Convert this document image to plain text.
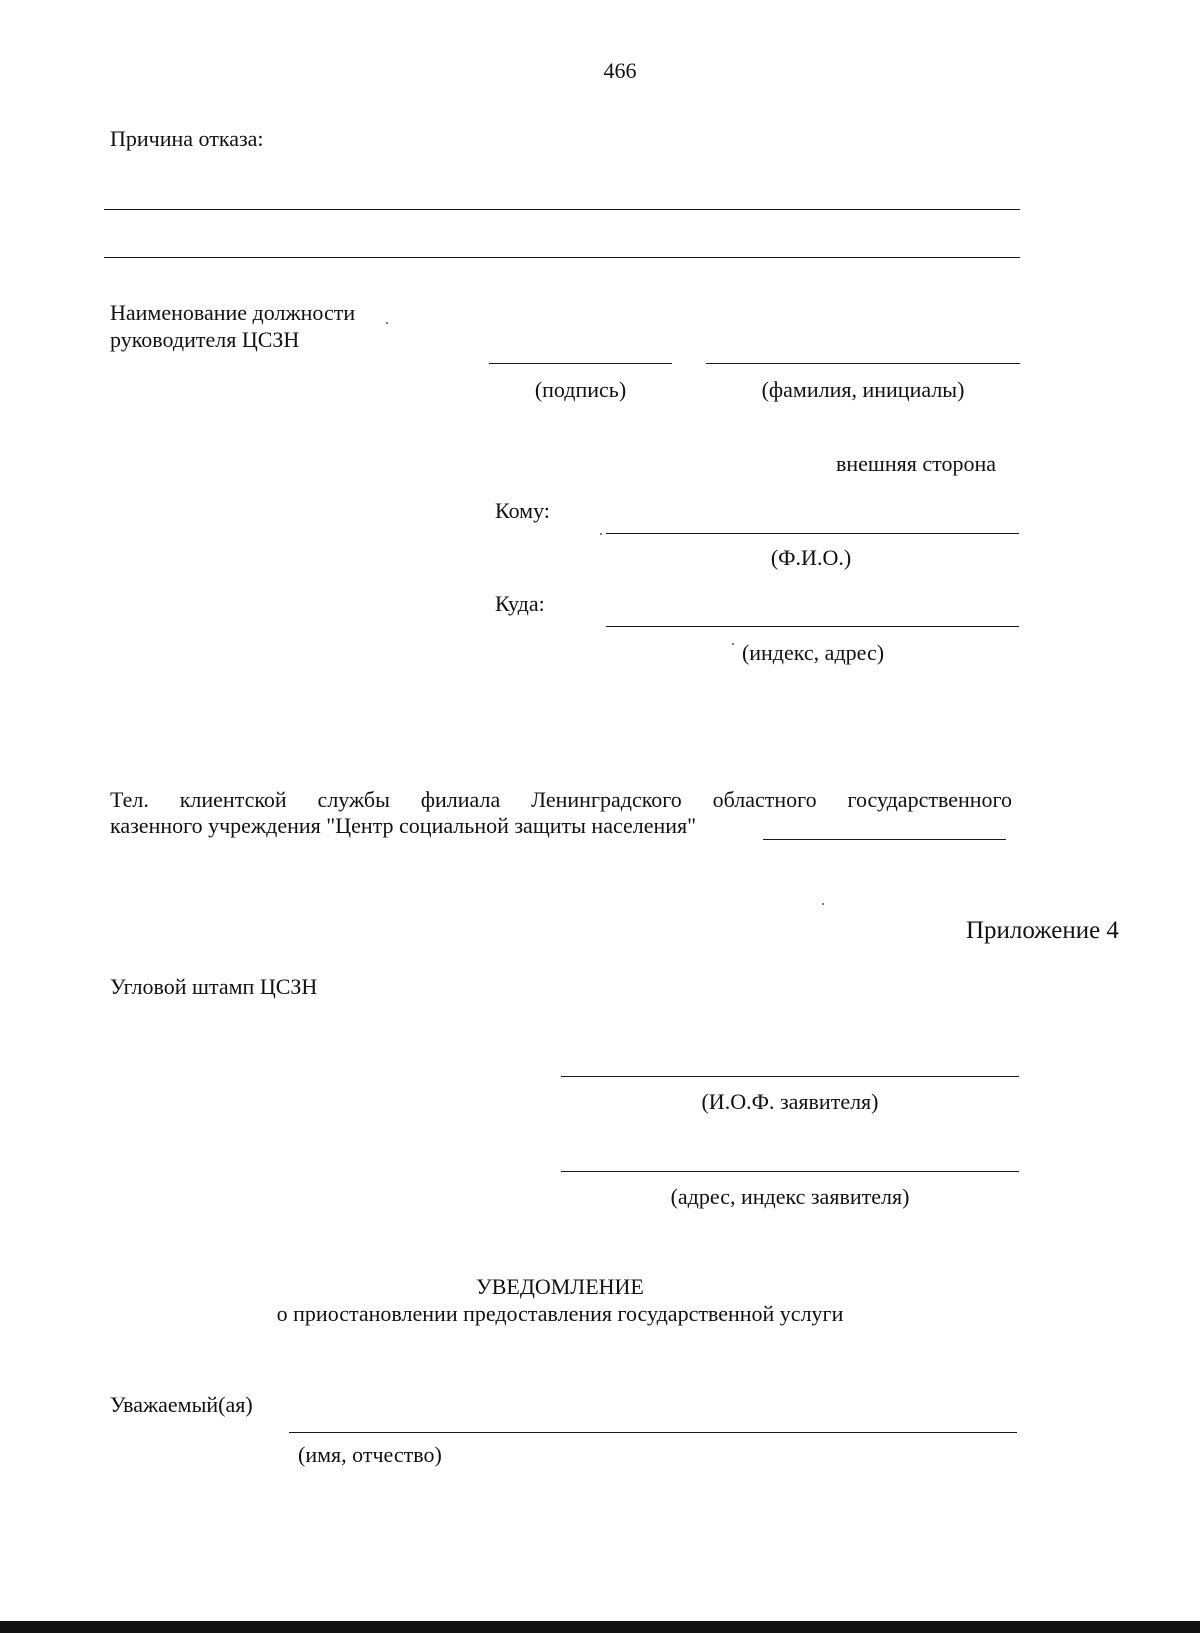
466
Причина отказа:
Наименование должности
руководителя ЦСЗН
(подпись)	(фамилия, инициалы)
внешняя сторона
Кому:
(Ф.И.О.)
Куда:
(индекс, адрес)
Тел. клиентской службы филиала Ленинградского областного государственного
казенного учреждения "Центр социальной защиты населения"
Приложение 4
Угловой штамп ЦСЗН
(И.О.Ф. заявителя)
(адрес, индекс заявителя)
УВЕДОМЛЕНИЕ
о приостановлении предоставления государственной услуги
Уважаемый(ая)
(имя, отчество)
